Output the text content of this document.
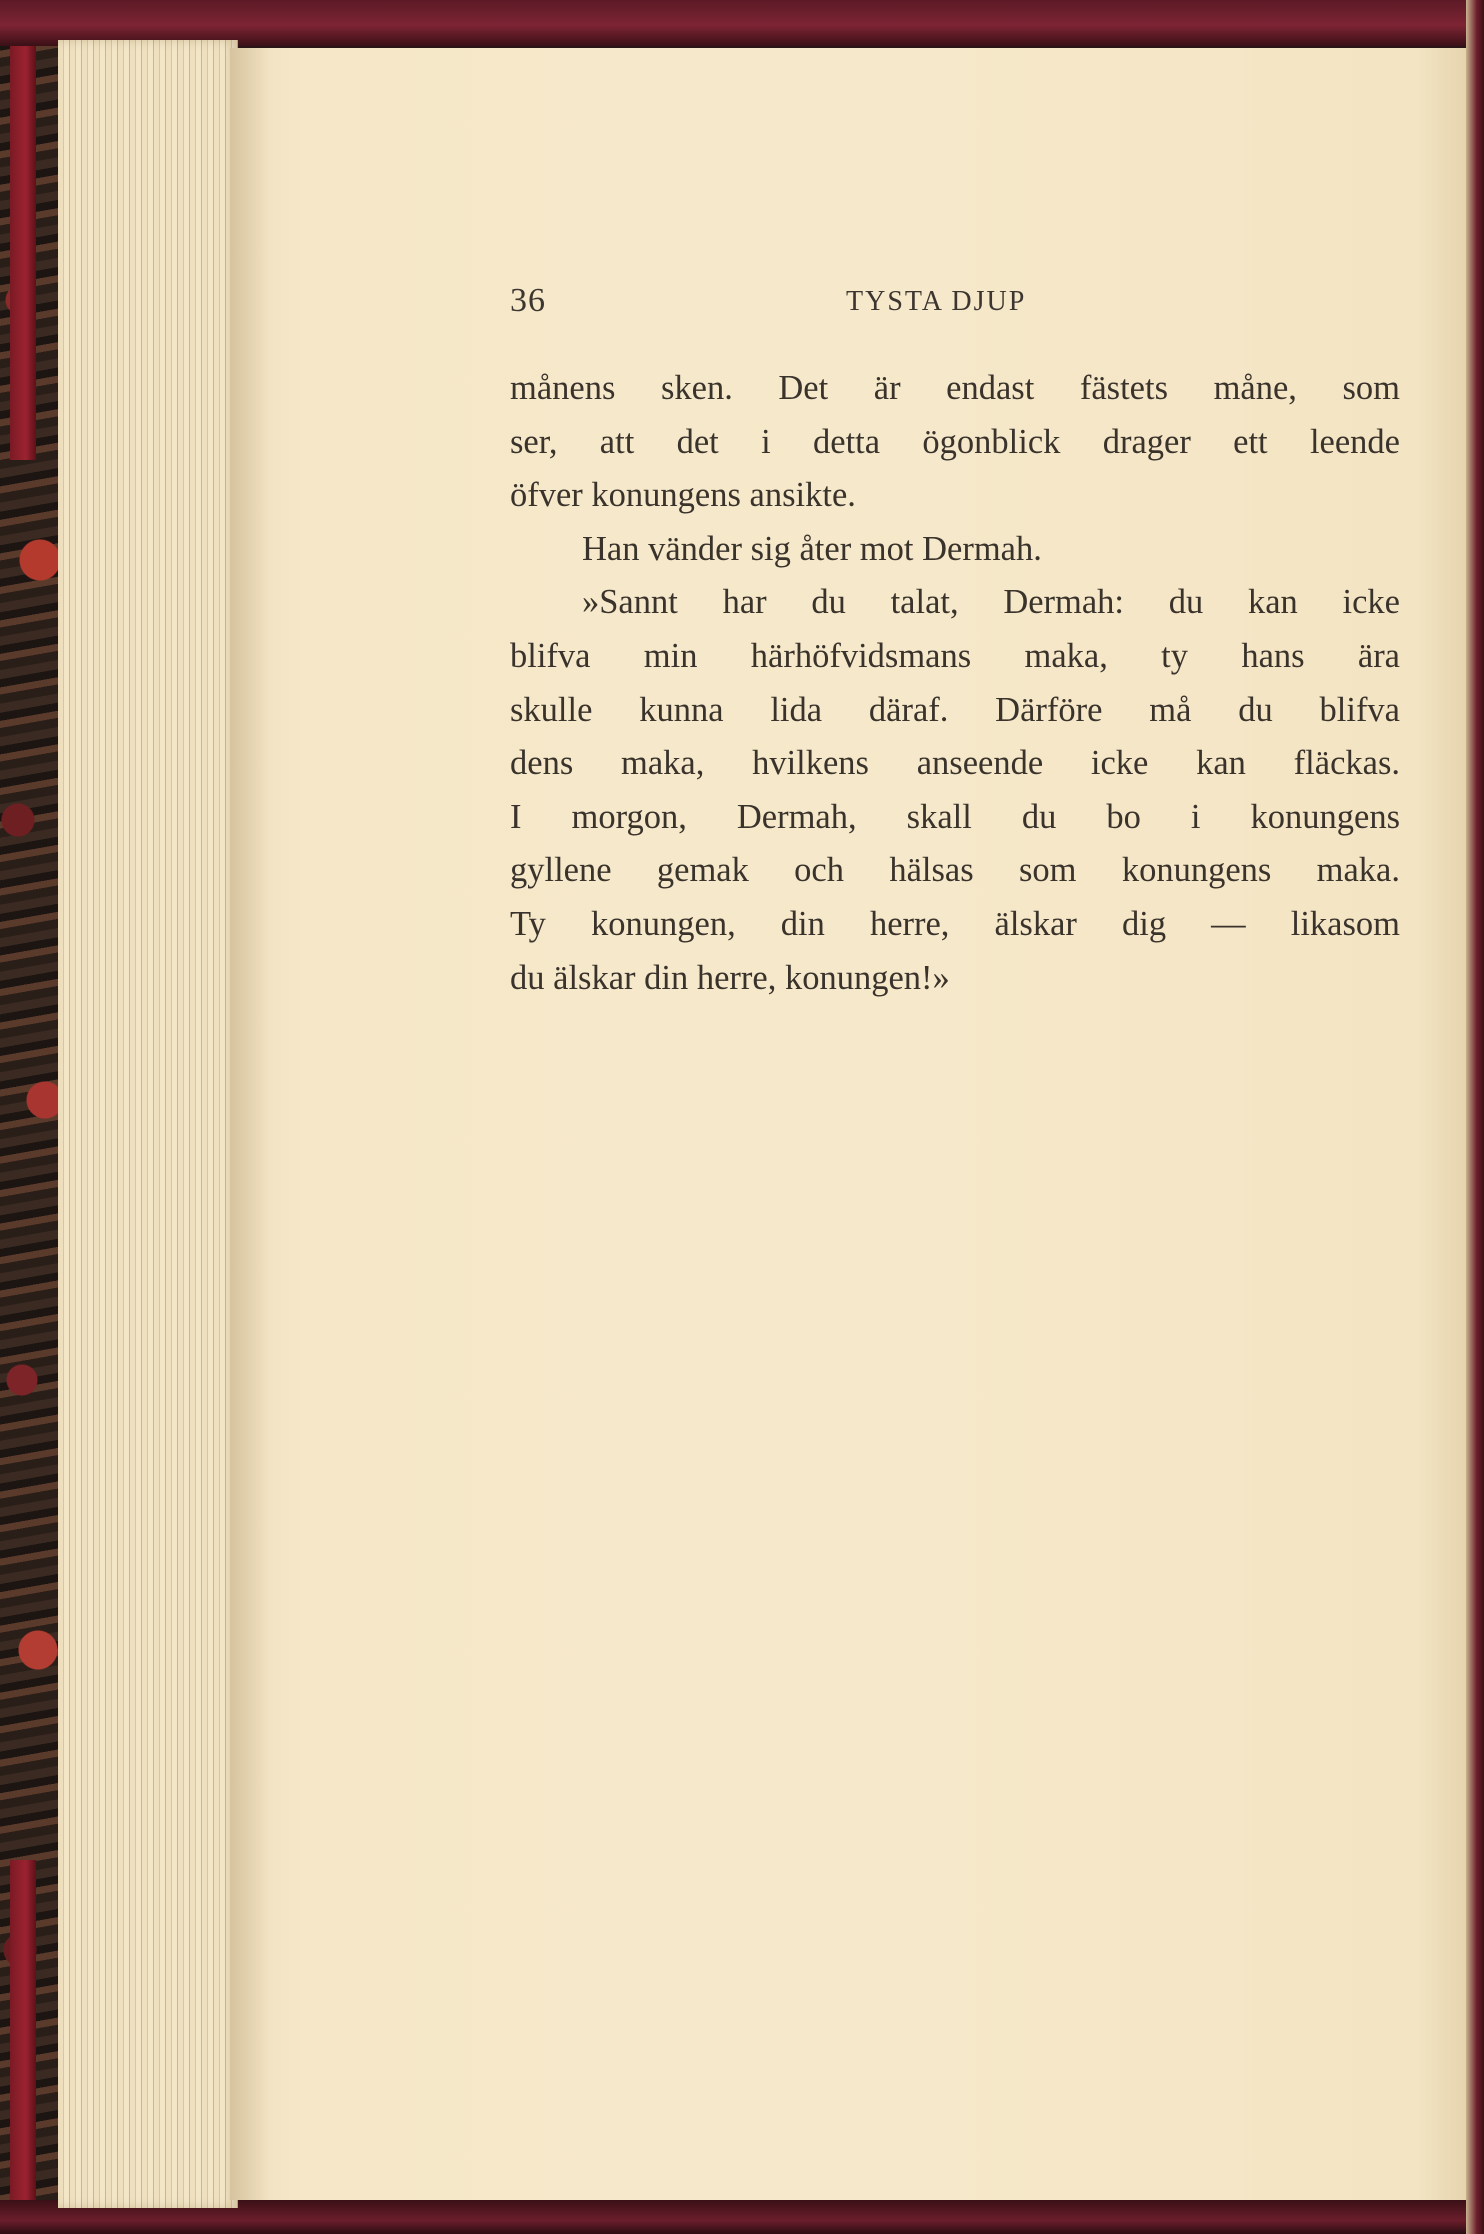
36	TYSTA DJUP
månens sken. Det är endast fästets måne, som
ser, att det i detta ögonblick drager ett leende
öfver konungens ansikte.
Han vänder sig åter mot Dermah.
»Sannt har du talat, Dermah: du kan icke
blifva min härhöfvidsmans maka, ty hans ära
skulle kunna lida däraf. Därföre må du blifva
dens maka, hvilkens anseende icke kan fläckas.
I morgon, Dermah, skall du bo i konungens
gyllene gemak och hälsas som konungens maka.
Ty konungen, din herre, älskar dig — likasom
du älskar din herre, konungen!»
